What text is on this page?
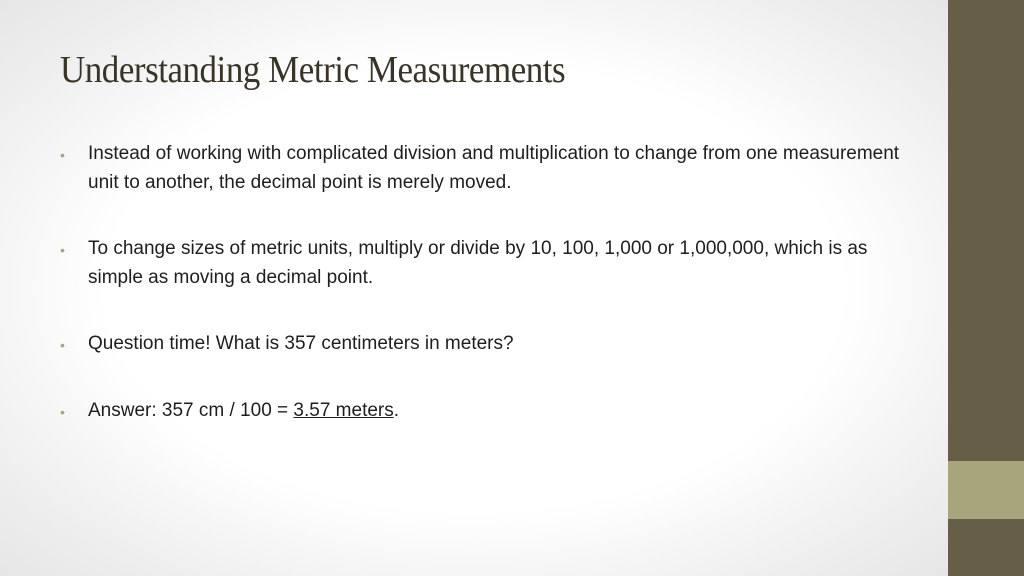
Understanding Metric Measurements
• Instead of working with complicated division and multiplication to change from one measurement unit to another, the decimal point is merely moved.
• To change sizes of metric units, multiply or divide by 10, 100, 1,000 or 1,000,000, which is as simple as moving a decimal point.
• Question time! What is 357 centimeters in meters?
• Answer: 357 cm / 100 = 3.57 meters.
